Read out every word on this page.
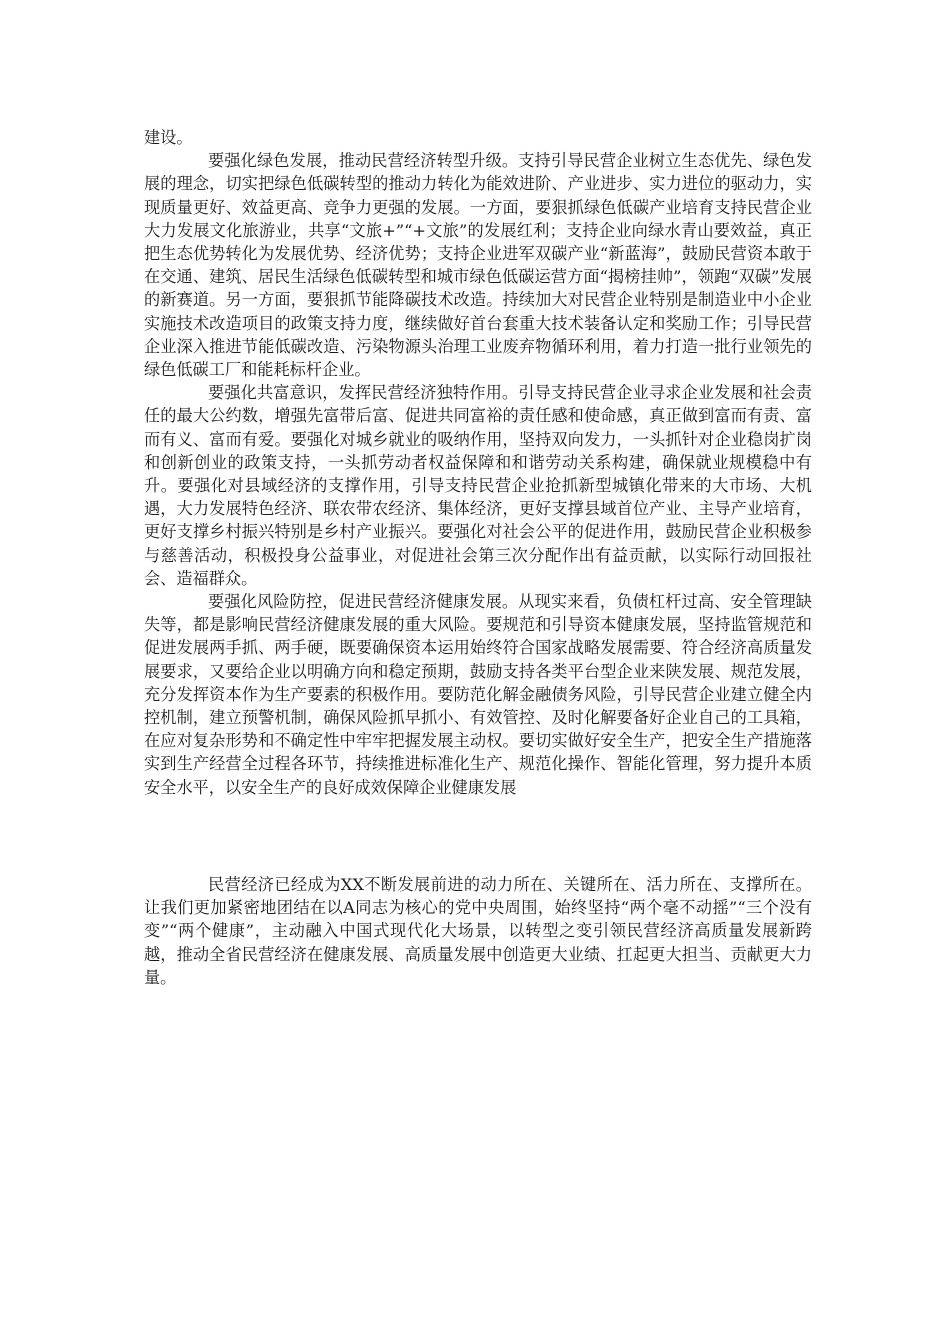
建设。

要强化绿色发展，推动民营经济转型升级。支持引导民营企业树立生态优先、绿色发展的理念，切实把绿色低碳转型的推动力转化为能效进阶、产业进步、实力进位的驱动力，实现质量更好、效益更高、竞争力更强的发展。一方面，要狠抓绿色低碳产业培育支持民营企业大力发展文化旅游业，共享“文旅+”“+文旅”的发展红利；支持企业向绿水青山要效益，真正把生态优势转化为发展优势、经济优势；支持企业进军双碳产业“新蓝海”，鼓励民营资本敢于在交通、建筑、居民生活绿色低碳转型和城市绿色低碳运营方面“揭榜挂帅”，领跑“双碳”发展的新赛道。另一方面，要狠抓节能降碳技术改造。持续加大对民营企业特别是制造业中小企业实施技术改造项目的政策支持力度，继续做好首台套重大技术装备认定和奖励工作；引导民营企业深入推进节能低碳改造、污染物源头治理工业废弃物循环利用，着力打造一批行业领先的绿色低碳工厂和能耗标杆企业。

要强化共富意识，发挥民营经济独特作用。引导支持民营企业寻求企业发展和社会责任的最大公约数，增强先富带后富、促进共同富裕的责任感和使命感，真正做到富而有责、富而有义、富而有爱。要强化对城乡就业的吸纳作用，坚持双向发力，一头抓针对企业稳岗扩岗和创新创业的政策支持，一头抓劳动者权益保障和和谐劳动关系构建，确保就业规模稳中有升。要强化对县域经济的支撑作用，引导支持民营企业抢抓新型城镇化带来的大市场、大机遇，大力发展特色经济、联农带农经济、集体经济，更好支撑县域首位产业、主导产业培育，更好支撑乡村振兴特别是乡村产业振兴。要强化对社会公平的促进作用，鼓励民营企业积极参与慈善活动，积极投身公益事业，对促进社会第三次分配作出有益贡献，以实际行动回报社会、造福群众。

要强化风险防控，促进民营经济健康发展。从现实来看，负债杠杆过高、安全管理缺失等，都是影响民营经济健康发展的重大风险。要规范和引导资本健康发展，坚持监管规范和促进发展两手抓、两手硬，既要确保资本运用始终符合国家战略发展需要、符合经济高质量发展要求，又要给企业以明确方向和稳定预期，鼓励支持各类平台型企业来陕发展、规范发展，充分发挥资本作为生产要素的积极作用。要防范化解金融债务风险，引导民营企业建立健全内控机制，建立预警机制，确保风险抓早抓小、有效管控、及时化解要备好企业自己的工具箱，在应对复杂形势和不确定性中牢牢把握发展主动权。要切实做好安全生产，把安全生产措施落实到生产经营全过程各环节，持续推进标准化生产、规范化操作、智能化管理，努力提升本质安全水平，以安全生产的良好成效保障企业健康发展

民营经济已经成为XX不断发展前进的动力所在、关键所在、活力所在、支撑所在。让我们更加紧密地团结在以A同志为核心的党中央周围，始终坚持“两个毫不动摇”“三个没有变”“两个健康”，主动融入中国式现代化大场景，以转型之变引领民营经济高质量发展新跨越，推动全省民营经济在健康发展、高质量发展中创造更大业绩、扛起更大担当、贡献更大力量。
